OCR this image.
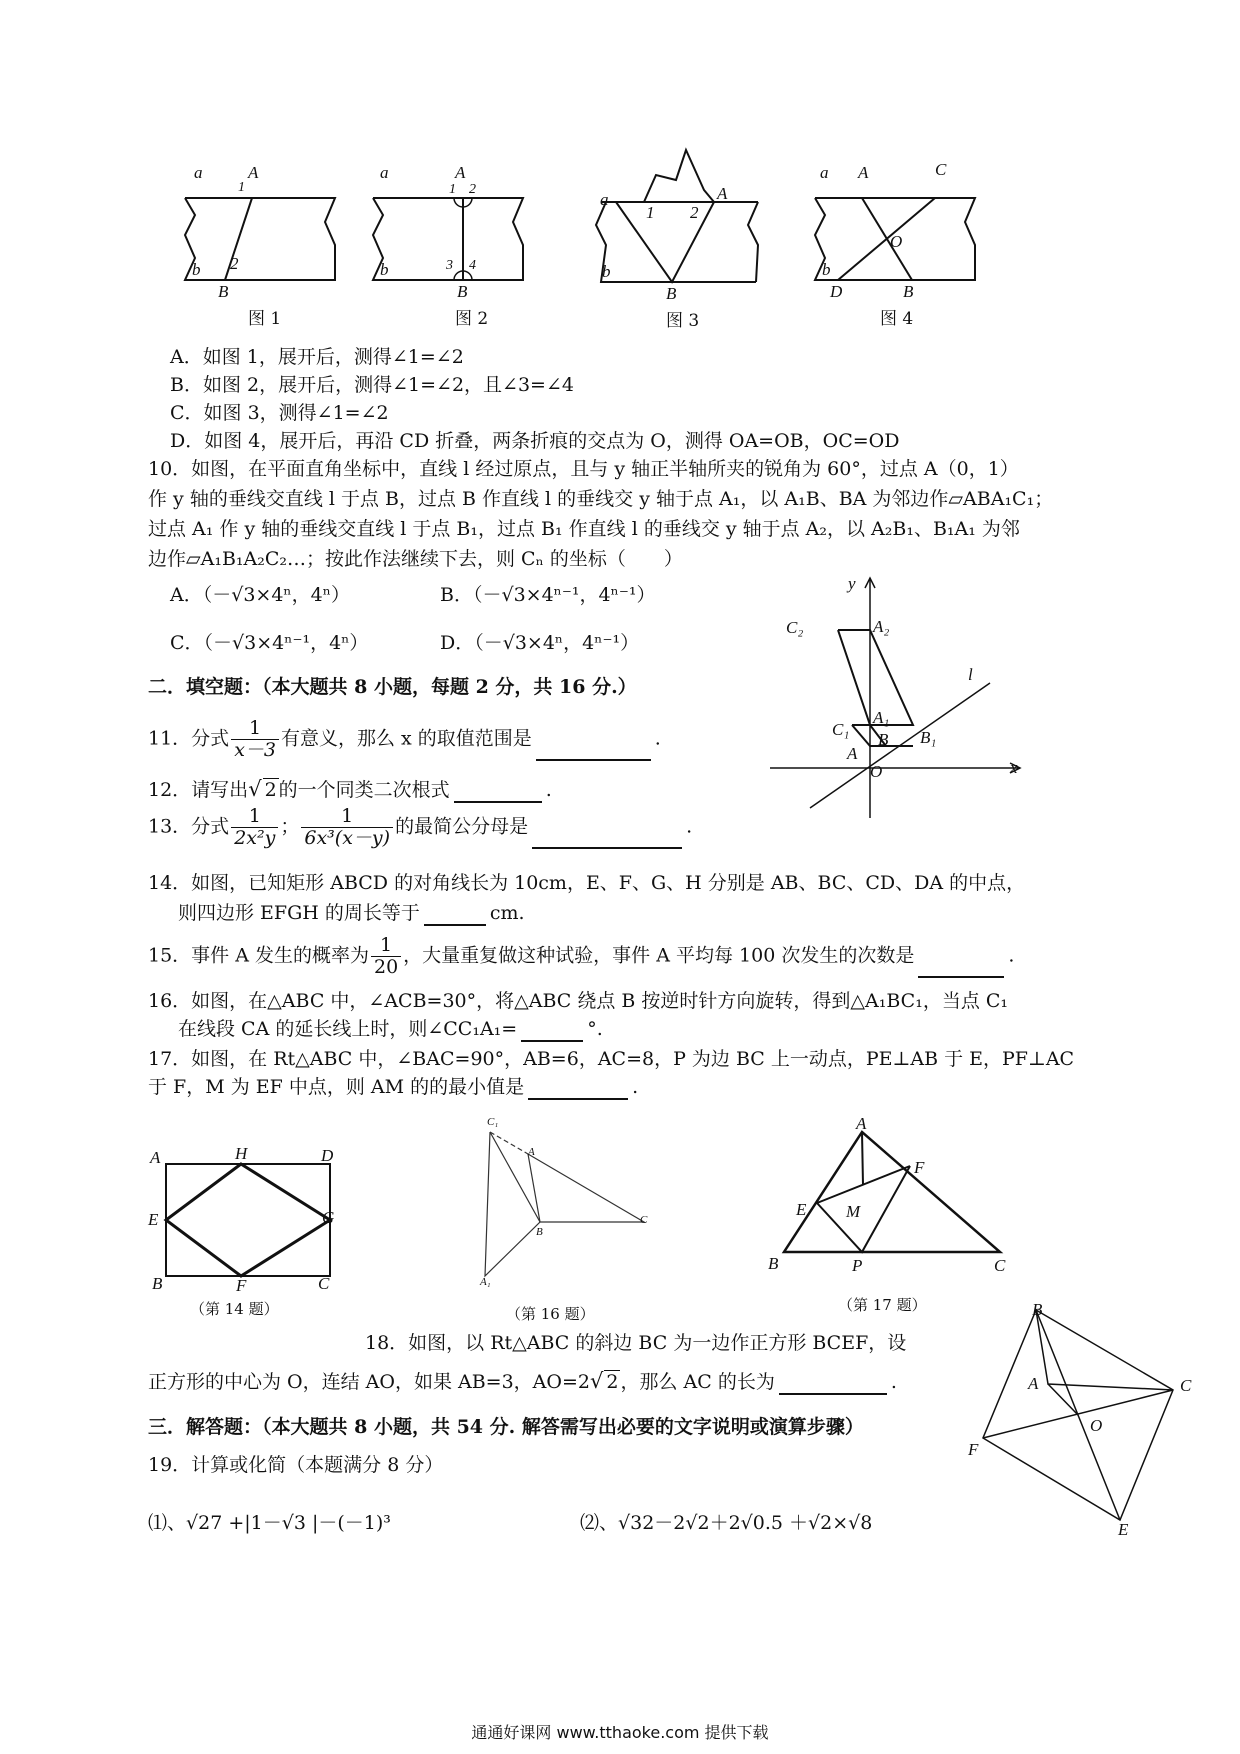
a	A
1
b 2
B
图 1
a	A
1 2
b	3 4
B
图 2
a
1 2
A
b
B
图 3
a A	C
O
b
D	B
图 4
A．如图 1，展开后，测得∠1=∠2
B．如图 2，展开后，测得∠1=∠2，且∠3=∠4
C．如图 3，测得∠1=∠2
D．如图 4，展开后，再沿 CD 折叠，两条折痕的交点为 O，测得 OA=OB，OC=OD
10．如图，在平面直角坐标中，直线 l 经过原点，且与 y 轴正半轴所夹的锐角为 60°，过点 A（0，1）
作 y 轴的垂线交直线 l 于点 B，过点 B 作直线 l 的垂线交 y 轴于点 A₁，以 A₁B、BA 为邻边作▱ABA₁C₁；
过点 A₁ 作 y 轴的垂线交直线 l 于点 B₁，过点 B₁ 作直线 l 的垂线交 y 轴于点 A₂，以 A₂B₁、B₁A₁ 为邻
边作▱A₁B₁A₂C₂…；按此作法继续下去，则 Cₙ 的坐标（　　）
A．（－√3×4ⁿ，4ⁿ）	B．（－√3×4ⁿ⁻¹，4ⁿ⁻¹）
C．（－√3×4ⁿ⁻¹，4ⁿ）	D．（－√3×4ⁿ，4ⁿ⁻¹）
y
C₂	A₂
l
A₁
C₁
B B₁
A
O	x
二．填空题：（本大题共 8 小题，每题 2 分，共 16 分.）
11．分式 $\frac{1}{x-3}$ 有意义，那么 x 的取值范围是	.
12．请写出√ 2 的一个同类二次根式	.
13．分式 $\frac{1}{\text{2x²y}}$ ； $\frac{1}{\text{6x³(x－y)}}$ 的最简公分母是	.
14．如图，已知矩形 ABCD 的对角线长为 10cm，E、F、G、H 分别是 AB、BC、CD、DA 的中点，
则四边形 EFGH 的周长等于	cm.
15．事件 A 发生的概率为 $\frac{1}{20}$ ，大量重复做这种试验，事件 A 平均每 100 次发生的次数是	.
16．如图，在△ABC 中，∠ACB=30°，将△ABC 绕点 B 按逆时针方向旋转，得到△A₁BC₁，当点 C₁
在线段 CA 的延长线上时，则∠CC₁A₁=	°.
17．如图，在 Rt△ABC 中，∠BAC=90°，AB=6，AC=8，P 为边 BC 上一动点，PE⊥AB 于 E，PF⊥AC
于 F，M 为 EF 中点，则 AM 的的最小值是	.
A	H	D
E	G
B	F	C
（第 14 题）
C₁
A
B
C
A₁
（第 16 题）
A
F
E M
B	P	C
（第 17 题）
18．如图，以 Rt△ABC 的斜边 BC 为一边作正方形 BCEF，设
正方形的中心为 O，连结 AO，如果 AB=3，AO=2√ 2 ，那么 AC 的长为	.
B
A	C
O
F
E
三．解答题：（本大题共 8 小题，共 54 分. 解答需写出必要的文字说明或演算步骤）
19．计算或化简（本题满分 8 分）
⑴、√27 +|1－√3 |－(－1)³	⑵、√32－2√2＋2√0.5 ＋√2×√8
通通好课网 www.tthaoke.com 提供下载
